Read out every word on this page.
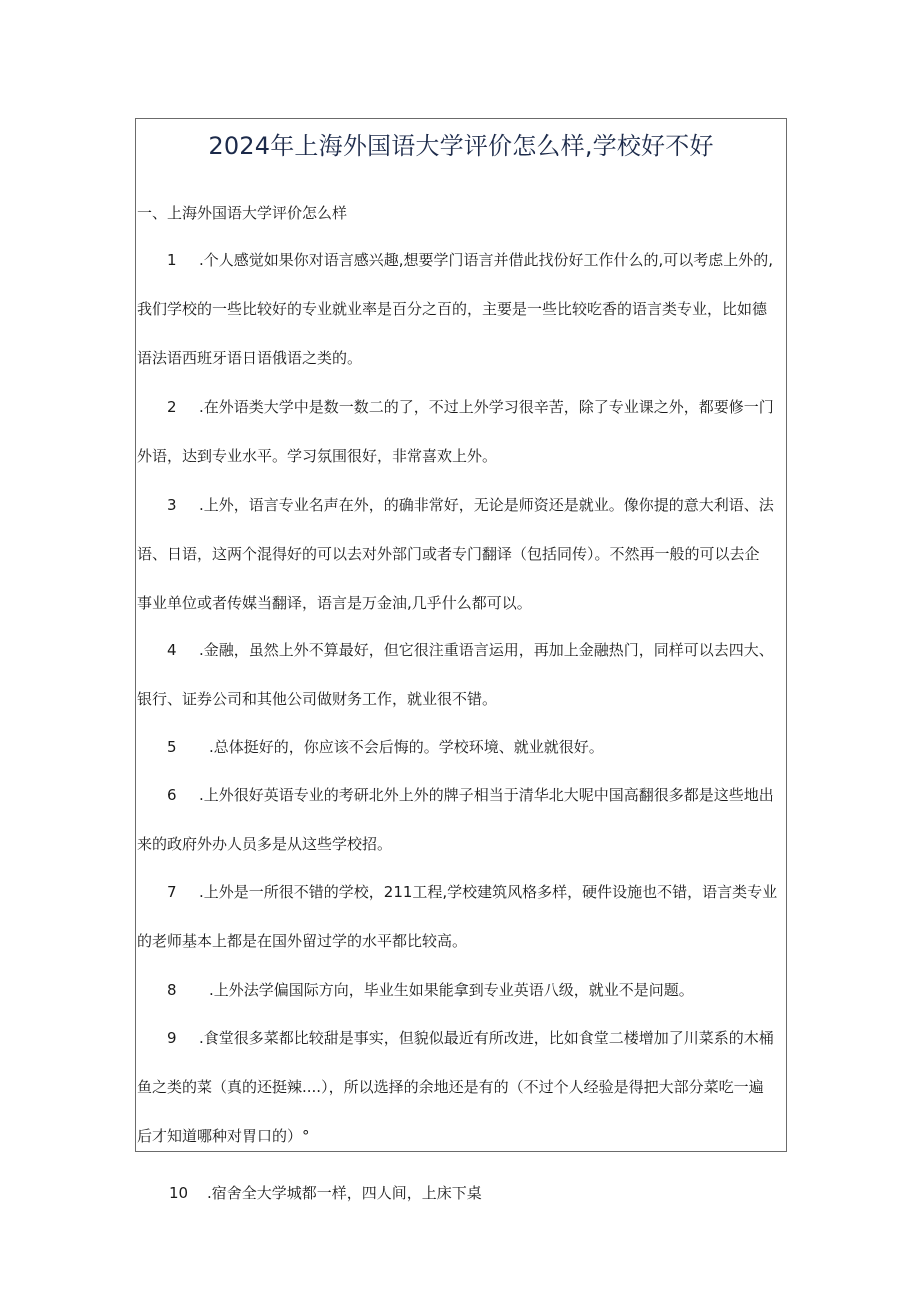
2024年上海外国语大学评价怎么样,学校好不好
一、上海外国语大学评价怎么样
1 .个人感觉如果你对语言感兴趣,想要学门语言并借此找份好工作什么的,可以考虑上外的,
我们学校的一些比较好的专业就业率是百分之百的，主要是一些比较吃香的语言类专业，比如德
语法语西班牙语日语俄语之类的。
2 .在外语类大学中是数一数二的了，不过上外学习很辛苦，除了专业课之外，都要修一门
外语，达到专业水平。学习氛围很好，非常喜欢上外。
3 .上外，语言专业名声在外，的确非常好，无论是师资还是就业。像你提的意大利语、法
语、日语，这两个混得好的可以去对外部门或者专门翻译（包括同传）。不然再一般的可以去企
事业单位或者传媒当翻译，语言是万金油,几乎什么都可以。
4 .金融，虽然上外不算最好，但它很注重语言运用，再加上金融热门，同样可以去四大、
银行、证券公司和其他公司做财务工作，就业很不错。
5 .总体挺好的，你应该不会后悔的。学校环境、就业就很好。
6 .上外很好英语专业的考研北外上外的牌子相当于清华北大呢中国高翻很多都是这些地出
来的政府外办人员多是从这些学校招。
7 .上外是一所很不错的学校，211工程,学校建筑风格多样，硬件设施也不错，语言类专业
的老师基本上都是在国外留过学的水平都比较高。
8 .上外法学偏国际方向，毕业生如果能拿到专业英语八级，就业不是问题。
9 .食堂很多菜都比较甜是事实，但貌似最近有所改进，比如食堂二楼增加了川菜系的木桶
鱼之类的菜（真的还挺辣....），所以选择的余地还是有的（不过个人经验是得把大部分菜吃一遍
后才知道哪种对胃口的）°
10 .宿舍全大学城都一样，四人间，上床下桌
